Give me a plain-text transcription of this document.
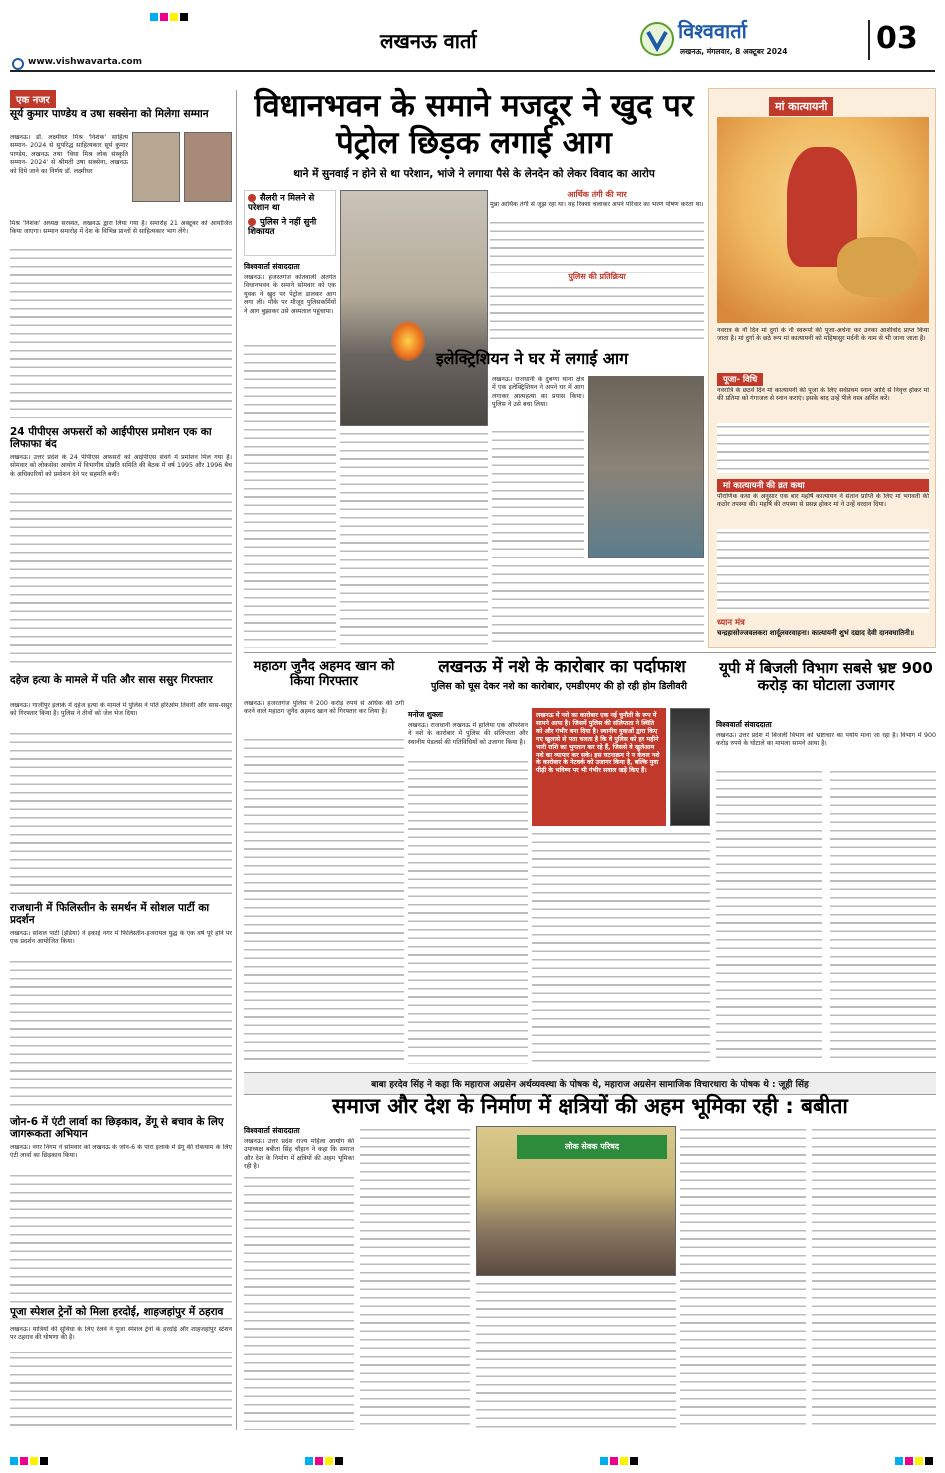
लखनऊ वार्ता	विश्ववार्ता
लखनऊ, मंगलवार, 8 अक्टूबर 2024	03
www.vishwavarta.com
एक नजर
सूर्य कुमार पाण्डेय व उषा सक्सेना को मिलेगा सम्मान
लखनऊ। डॉ. लक्ष्मीधर मिश्र 'निशंक' साहित्य सम्मान- 2024 से सुपरिद्ध साहित्यकार सूर्य कुमार पाण्डेय, लखनऊ तथा 'विधा मिश्र लोक संस्कृति सम्मान- 2024' से श्रीमती उषा सक्सेना, लखनऊ को दिये जाने का निर्णय डॉ. लक्ष्मीधर
मिश्र 'निशंक' अध्यक्ष सरस्वत, लखनऊ द्वारा लिया गया है। समारोह 21 अक्टूबर को आयोजित किया जाएगा। सम्मान समारोह में देश के विभिन्न प्रान्तों से साहित्यकार भाग लेंगे।
24 पीपीएस अफसरों को आईपीएस प्रमोशन एक का लिफाफा बंद
लखनऊ। उत्तर प्रदेश के 24 पीपीएस अफसरों को आईपीएस संवर्ग में प्रमोशन मिल गया है। सोमवार को लोकसेवा आयोग में विभागीय प्रोन्नति समिति की बैठक में वर्ष 1995 और 1996 बैच के अधिकारियों को प्रमोशन देने पर सहमति बनी।
दहेज हत्या के मामले में पति और सास ससुर गिरफ्तार
लखनऊ। गाजीपुर इलाके में दहेज हत्या के मामले में पुलिस ने पति हरिओम तिवारी और सास-ससुर को गिरफ्तार किया है। पुलिस ने तीनों को जेल भेज दिया।
राजधानी में फिलिस्तीन के समर्थन में सोशल पार्टी का प्रदर्शन
लखनऊ। सोशल पार्टी (इंडिया) ने इकाई नगर में फिलिस्तीन-इजरायल युद्ध के एक वर्ष पूरे होने पर एक प्रदर्शन आयोजित किया।
जोन-6 में एंटी लार्वा का छिड़काव, डेंगू से बचाव के लिए जागरूकता अभियान
लखनऊ। नगर निगम ने सोमवार को लखनऊ के जोन-6 के पारा इलाके में डेंगू की रोकथाम के लिए एंटी लार्वा का छिड़काव किया।
पूजा स्पेशल ट्रेनों को मिला हरदोई, शाहजहांपुर में ठहराव
लखनऊ। यात्रियों की सुविधा के लिए रेलवे ने पूजा स्पेशल ट्रेनों के हरदोई और शाहजहांपुर स्टेशन पर ठहराव की घोषणा की है।
विधानभवन के समाने मजदूर ने खुद पर पेट्रोल छिड़क लगाई आग
थाने में सुनवाई न होने से था परेशान, भांजे ने लगाया पैसे के लेनदेन को लेकर विवाद का आरोप
सैलरी न मिलने से परेशान था
पुलिस ने नहीं सुनी शिकायत
आर्थिक तंगी की मार
मुन्ना आर्थिक तंगी से जूझ रहा था। वह रिक्शा चलाकर अपने परिवार का भरण पोषण करता था।
पुलिस की प्रतिक्रिया
विश्ववार्ता संवाददाता
लखनऊ। हजरतगंज कोतवाली अंतर्गत विधानभवन के समाने सोमवार को एक युवक ने खुद पर पेट्रोल डालकर आग लगा ली। मौके पर मौजूद पुलिसकर्मियों ने आग बुझाकर उसे अस्पताल पहुंचाया।
इलेक्ट्रिशियन ने घर में लगाई आग
लखनऊ। राजधानी के दुबग्गा थाना क्षेत्र में एक इलेक्ट्रिशियन ने अपने घर में आग लगाकर आत्महत्या का प्रयास किया। पुलिस ने उसे बचा लिया।
मां कात्यायनी
नवरात्र के नौ दिन मां दुर्गा के नौ स्वरूपों की पूजा-अर्चना कर उनका आशीर्वाद प्राप्त किया जाता है। मां दुर्गा के छठे रूप मां कात्यायनी को महिषासुर मर्दनी के नाम से भी जाना जाता है।
पूजा- विधि
नवरात्रि के छठवें दिन मां कात्यायनी की पूजा के लिए सर्वप्रथम स्नान आदि से निवृत्त होकर मां की प्रतिमा को गंगाजल से स्नान कराएं। इसके बाद उन्हें पीले वस्त्र अर्पित करें।
मां कात्यायनी की व्रत कथा
पौराणिक कथा के अनुसार एक बार महर्षि कात्यायन ने संतान प्राप्ति के लिए मां भगवती की कठोर तपस्या की। महर्षि की तपस्या से प्रसन्न होकर मां ने उन्हें वरदान दिया।
ध्यान मंत्र
चन्द्रहासोज्जवलकरा शार्दूलवरवाहना। कात्यायनी शुभं दद्याद देवी दानवघातिनी॥
महाठग जुनैद अहमद खान को किया गिरफ्तार
लखनऊ। हजरतगंज पुलिस ने 200 करोड़ रुपये से अधिक की ठगी करने वाले महाठग जुनैद अहमद खान को गिरफ्तार कर लिया है।
लखनऊ में नशे के कारोबार का पर्दाफाश
पुलिस को घूस देकर नशे का कारोबार, एमडीएमए की हो रही होम डिलीवरी
मनोज शुक्ला
लखनऊ। राजधानी लखनऊ में हालिया एक ऑपरेशन ने नशे के कारोबार में पुलिस की संलिप्तता और स्थानीय पेडलर्स की गतिविधियों को उजागर किया है।
लखनऊ में नशे का कारोबार एक नई चुनौती के रूप में सामने आया है। जिसमें पुलिस की संलिप्तता ने स्थिति को और गंभीर बना दिया है। स्थानीय युवाओं द्वारा किए गए खुलासे से पता चलता है कि वे पुलिस को हर महीने भारी राशि का भुगतान कर रहे हैं, जिससे वे खुलेआम नशे का व्यापार कर सके। इस घटनाक्रम ने न केवल नशे के कारोबार के नेटवर्क को उजागर किया है, बल्कि युवा पीढ़ी के भविष्य पर भी गंभीर सवाल खड़े किए हैं।
यूपी में बिजली विभाग सबसे भ्रष्ट 900 करोड़ का घोटाला उजागर
विश्ववार्ता संवाददाता
लखनऊ। उत्तर प्रदेश में बिजली विभाग को भ्रष्टाचार का पर्याय माना जा रहा है। विभाग में 900 करोड़ रुपये के घोटाले का मामला सामने आया है।
बाबा हरदेव सिंह ने कहा कि महाराज अग्रसेन अर्थव्यवस्था के पोषक थे, महाराज अग्रसेन सामाजिक विचारधारा के पोषक थे : जूही सिंह
समाज और देश के निर्माण में क्षत्रियों की अहम भूमिका रही : बबीता
विश्ववार्ता संवाददाता
लखनऊ। उत्तर प्रदेश राज्य महिला आयोग की उपाध्यक्ष बबीता सिंह चौहान ने कहा कि समाज और देश के निर्माण में क्षत्रियों की अहम भूमिका रही है।
लोक सेवक परिषद
